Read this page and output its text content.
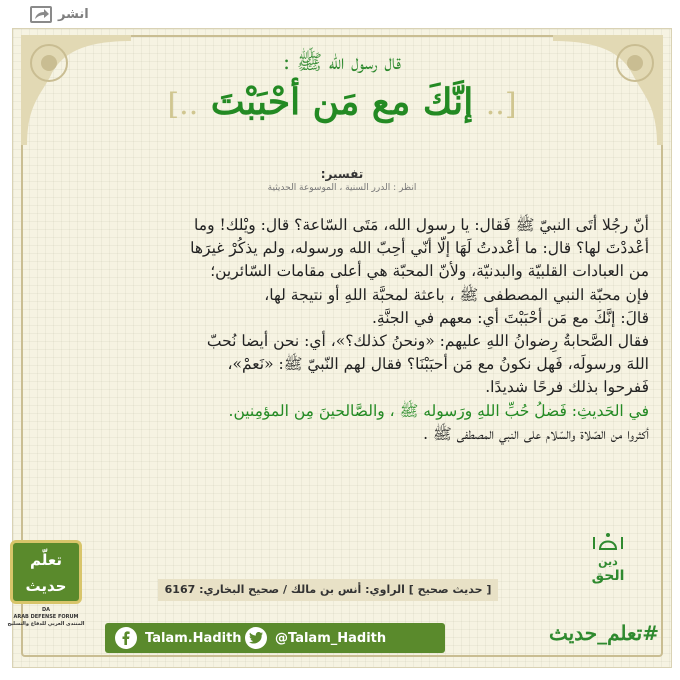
انشر
قال رسول الله ﷺ :
[.. إنَّكَ مع مَن أحْبَبْتَ ..]
تفسير:
انظر : الدرر السنية ، الموسوعة الحديثية

أنّ رجُلا أتَى النبيّ ﷺ فَقال: يا رسول الله، مَتَى السّاعة؟ قال: ويْلك! وما

أعْددْتَ لها؟ قال: ما أعْددتُ لَهَا إلّا أنّي أحِبّ الله ورسوله، ولم يذكُرْ غيرَها

من العبادات القلبيّة والبدنيّة، ولأنّ المحبّة هي أعلى مقامات السّائرين؛

فإن محبّة النبي المصطفى ﷺ ، باعثة لمحبَّة اللهِ أو نتيجة لها،

قالَ: إنَّكَ مع مَن أحْبَبْتَ أي: معهم في الجنَّةِ.

فقال الصَّحابةُ رِضوانُ اللهِ عليهم: «ونحنُ كذلك؟»، أي: نحن أيضا نُحبّ

اللهَ ورسولَه، فَهل نكونُ مع مَن أحبَبْنَا؟ فقال لهم النّبيّ ﷺ: «نَعمْ»،

فَفرحوا بذلك فرحًا شديدًا.

في الحَديثِ: فَضلُ حُبِّ اللهِ ورَسوله ﷺ ، والصَّالحينَ مِن المؤمِنين.

أكثروا من الصّلاة والسّلام على النبي المصطفى ﷺ .

[ حديث صحيح ] الراوي: أنس بن مالك / صحيح البخاري: 6167
دين
الحق
Talam.Hadith	@Talam_Hadith	#تعلم_حديث
تعلّم حديث
DA
ARAB DEFENSE FORUM
المنتدى العربي للدفاع والتسليح
